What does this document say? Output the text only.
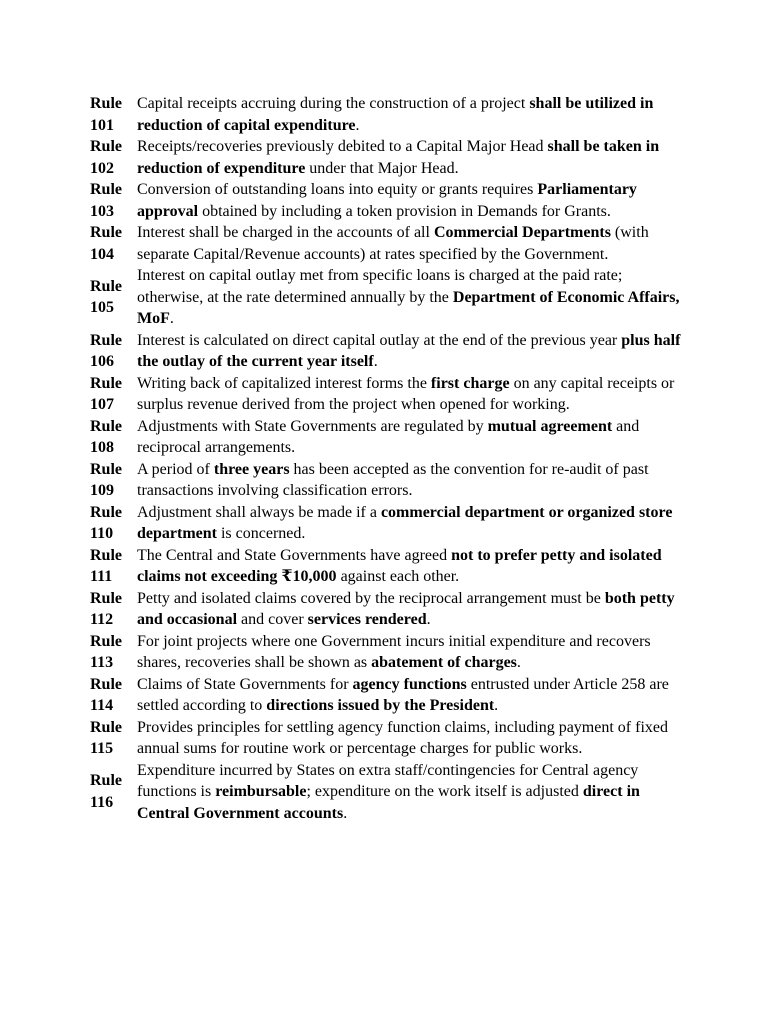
Rule
101
Capital receipts accruing during the construction of a project shall be utilized in reduction of capital expenditure.
Rule
102
Receipts/recoveries previously debited to a Capital Major Head shall be taken in reduction of expenditure under that Major Head.
Rule
103
Conversion of outstanding loans into equity or grants requires Parliamentary approval obtained by including a token provision in Demands for Grants.
Rule
104
Interest shall be charged in the accounts of all Commercial Departments (with separate Capital/Revenue accounts) at rates specified by the Government.
Rule
105
Interest on capital outlay met from specific loans is charged at the paid rate; otherwise, at the rate determined annually by the Department of Economic Affairs, MoF.
Rule
106
Interest is calculated on direct capital outlay at the end of the previous year plus half the outlay of the current year itself.
Rule
107
Writing back of capitalized interest forms the first charge on any capital receipts or surplus revenue derived from the project when opened for working.
Rule
108
Adjustments with State Governments are regulated by mutual agreement and reciprocal arrangements.
Rule
109
A period of three years has been accepted as the convention for re-audit of past transactions involving classification errors.
Rule
110
Adjustment shall always be made if a commercial department or organized store department is concerned.
Rule
111
The Central and State Governments have agreed not to prefer petty and isolated claims not exceeding ₹10,000 against each other.
Rule
112
Petty and isolated claims covered by the reciprocal arrangement must be both petty and occasional and cover services rendered.
Rule
113
For joint projects where one Government incurs initial expenditure and recovers shares, recoveries shall be shown as abatement of charges.
Rule
114
Claims of State Governments for agency functions entrusted under Article 258 are settled according to directions issued by the President.
Rule
115
Provides principles for settling agency function claims, including payment of fixed annual sums for routine work or percentage charges for public works.
Rule
116
Expenditure incurred by States on extra staff/contingencies for Central agency functions is reimbursable; expenditure on the work itself is adjusted direct in Central Government accounts.
